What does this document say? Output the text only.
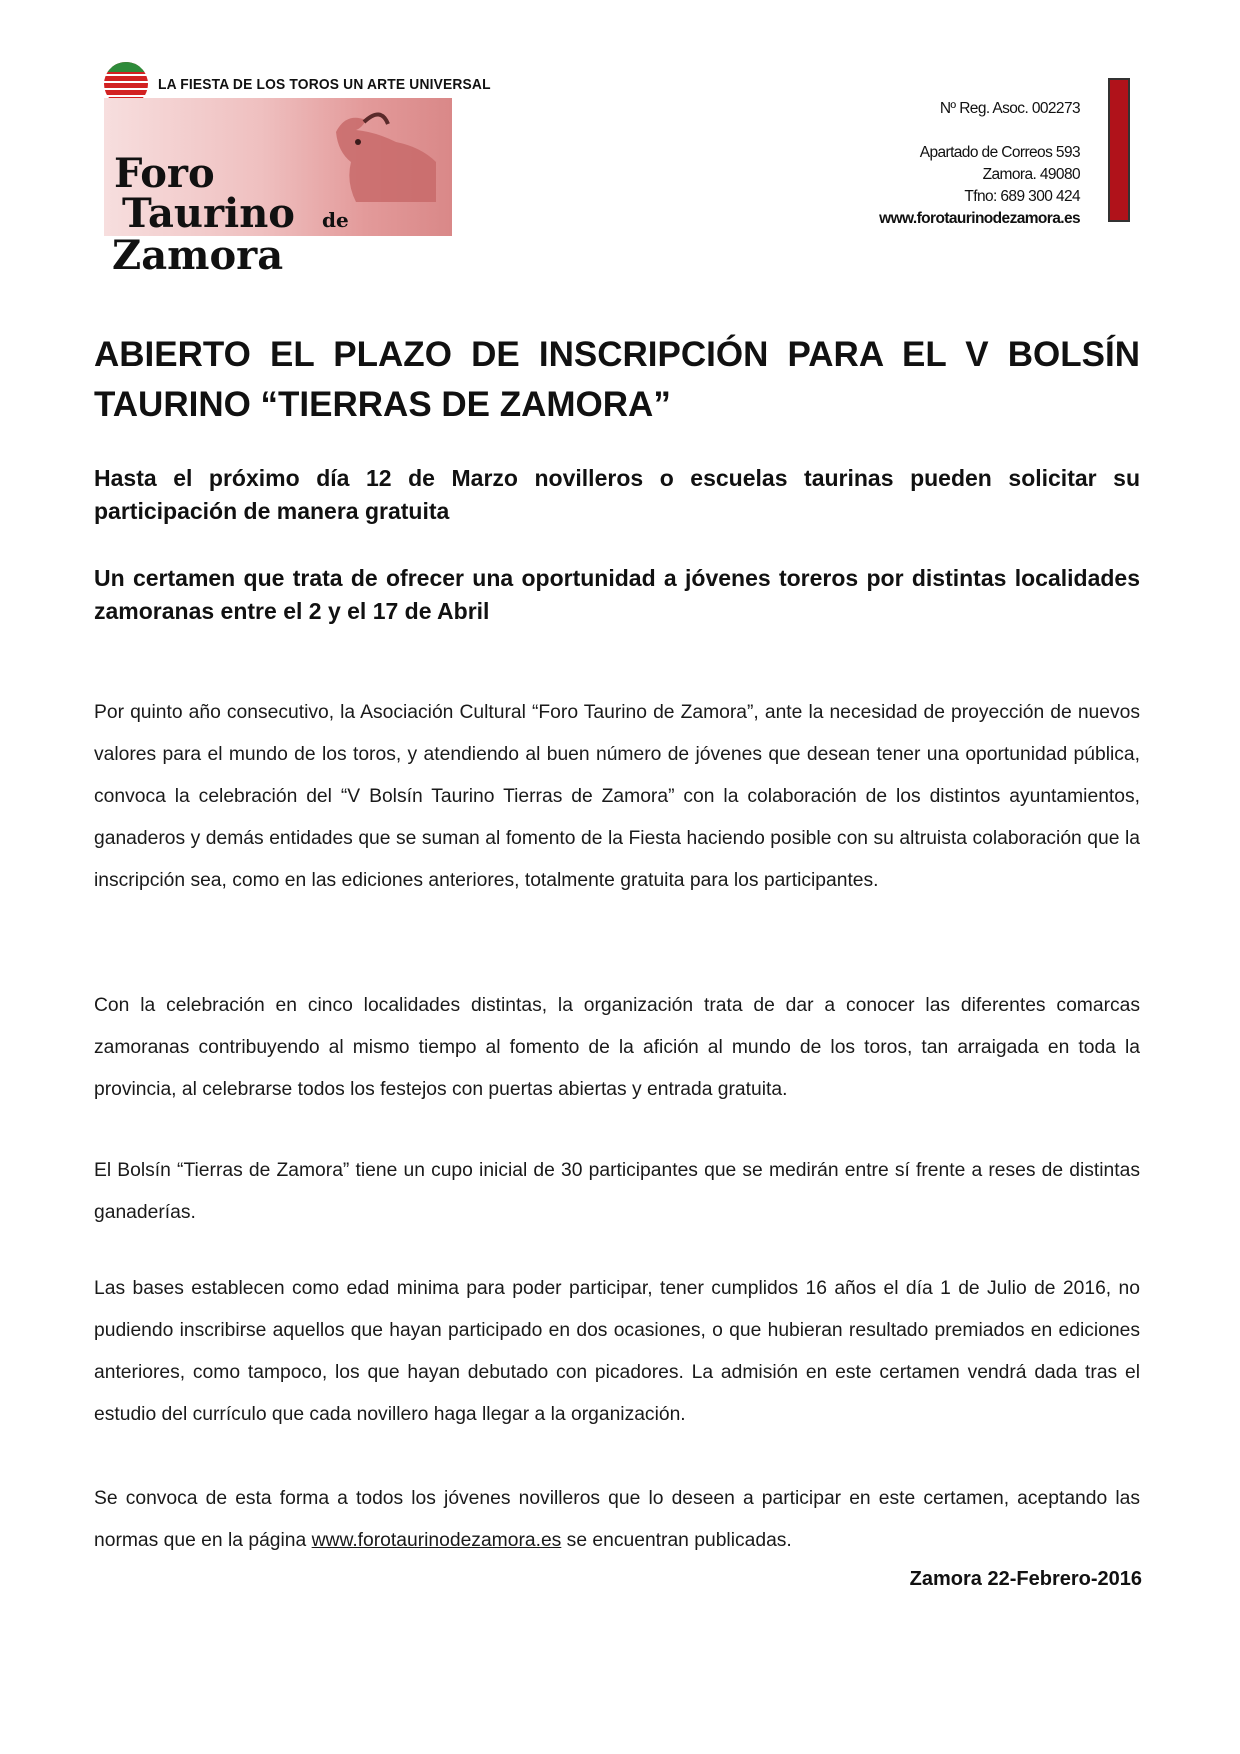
LA FIESTA DE LOS TOROS UN ARTE UNIVERSAL
Foro
Taurino de
Zamora
Nº Reg. Asoc. 002273
Apartado de Correos 593
Zamora. 49080
Tfno: 689 300 424
www.forotaurinodezamora.es
ABIERTO EL PLAZO DE INSCRIPCIÓN PARA EL V BOLSÍN TAURINO “TIERRAS DE ZAMORA”

Hasta el próximo día 12 de Marzo novilleros o escuelas taurinas pueden solicitar su participación de manera gratuita

Un certamen que trata de ofrecer una oportunidad a jóvenes toreros por distintas localidades zamoranas entre el 2 y el 17 de Abril

Por quinto año consecutivo, la Asociación Cultural “Foro Taurino de Zamora”, ante la necesidad de proyección de nuevos valores para el mundo de los toros, y atendiendo al buen número de jóvenes que desean tener una oportunidad pública, convoca la celebración del “V Bolsín Taurino Tierras de Zamora” con la colaboración de los distintos ayuntamientos, ganaderos y demás entidades que se suman al fomento de la Fiesta haciendo posible con su altruista colaboración que la inscripción sea, como en las ediciones anteriores, totalmente gratuita para los participantes.

Con la celebración en cinco localidades distintas, la organización trata de dar a conocer las diferentes comarcas zamoranas contribuyendo al mismo tiempo al fomento de la afición al mundo de los toros, tan arraigada en toda la provincia, al celebrarse todos los festejos con puertas abiertas y entrada gratuita.

El Bolsín “Tierras de Zamora” tiene un cupo inicial de 30 participantes que se medirán entre sí frente a reses de distintas ganaderías.

Las bases establecen como edad minima para poder participar, tener cumplidos 16 años el día 1 de Julio de 2016, no pudiendo inscribirse aquellos que hayan participado en dos ocasiones, o que hubieran resultado premiados en ediciones anteriores, como tampoco, los que hayan debutado con picadores. La admisión en este certamen vendrá dada tras el estudio del currículo que cada novillero haga llegar a la organización.

Se convoca de esta forma a todos los jóvenes novilleros que lo deseen a participar en este certamen, aceptando las normas que en la página www.forotaurinodezamora.es se encuentran publicadas.

Zamora 22-Febrero-2016
